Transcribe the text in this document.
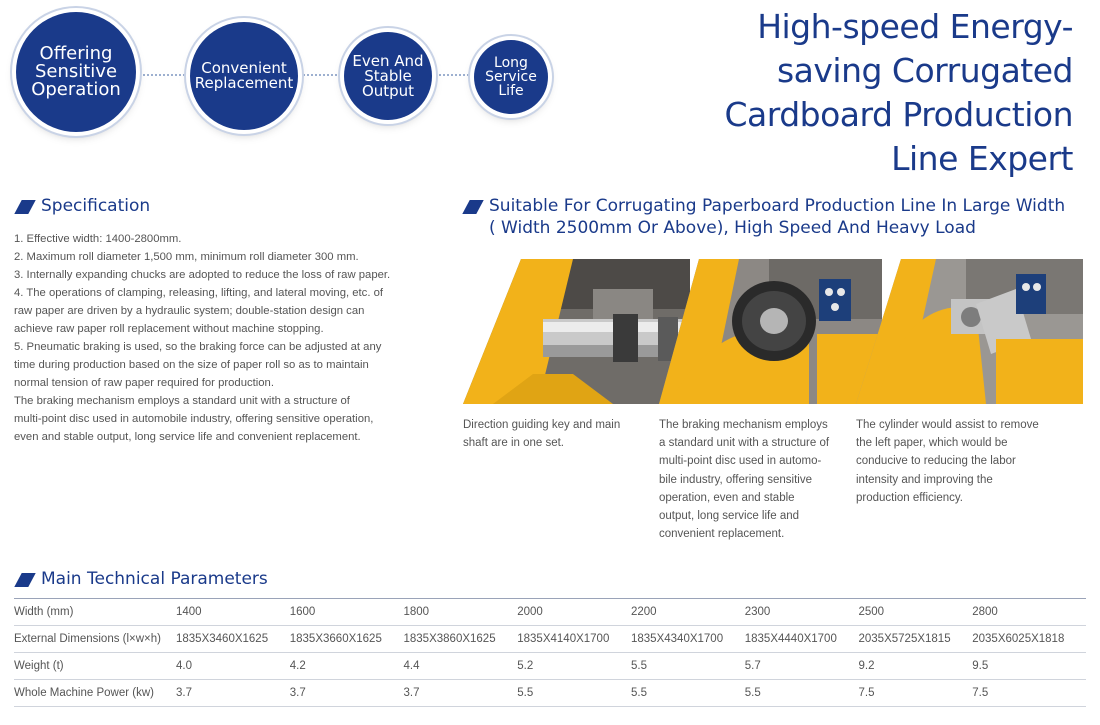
Offering
Sensitive
Operation
Convenient
Replacement
Even And
Stable
Output
Long
Service
Life
High-speed Energy-
saving Corrugated
Cardboard Production
Line Expert
Specification

1. Effective width: 1400-2800mm.

2. Maximum roll diameter 1,500 mm, minimum roll diameter 300 mm.

3. Internally expanding chucks are adopted to reduce the loss of raw paper.

4. The operations of clamping, releasing, lifting, and lateral moving, etc. of

raw paper are driven by a hydraulic system; double-station design can

achieve raw paper roll replacement without machine stopping.

5. Pneumatic braking is used, so the braking force can be adjusted at any

time during production based on the size of paper roll so as to maintain

normal tension of raw paper required for production.

The braking mechanism employs a standard unit with a structure of

multi-point disc used in automobile industry, offering sensitive operation,

even and stable output, long service life and convenient replacement.

Suitable For Corrugating Paperboard Production Line In Large Width
( Width 2500mm Or Above), High Speed And Heavy Load

Direction guiding key and main

shaft are in one set.

The braking mechanism employs

a standard unit with a structure of

multi-point disc used in automo-

bile industry, offering sensitive

operation, even and stable

output, long service life and

convenient replacement.

The cylinder would assist to remove

the left paper, which would be

conducive to reducing the labor

intensity and improving the

production efficiency.

Main Technical Parameters
Width (mm)	1400	1600	1800	2000	2200	2300	2500	2800
External Dimensions (l×w×h)	1835X3460X1625	1835X3660X1625	1835X3860X1625	1835X4140X1700	1835X4340X1700	1835X4440X1700	2035X5725X1815	2035X6025X1818
Weight (t)	4.0	4.2	4.4	5.2	5.5	5.7	9.2	9.5
Whole Machine Power (kw)	3.7	3.7	3.7	5.5	5.5	5.5	7.5	7.5
